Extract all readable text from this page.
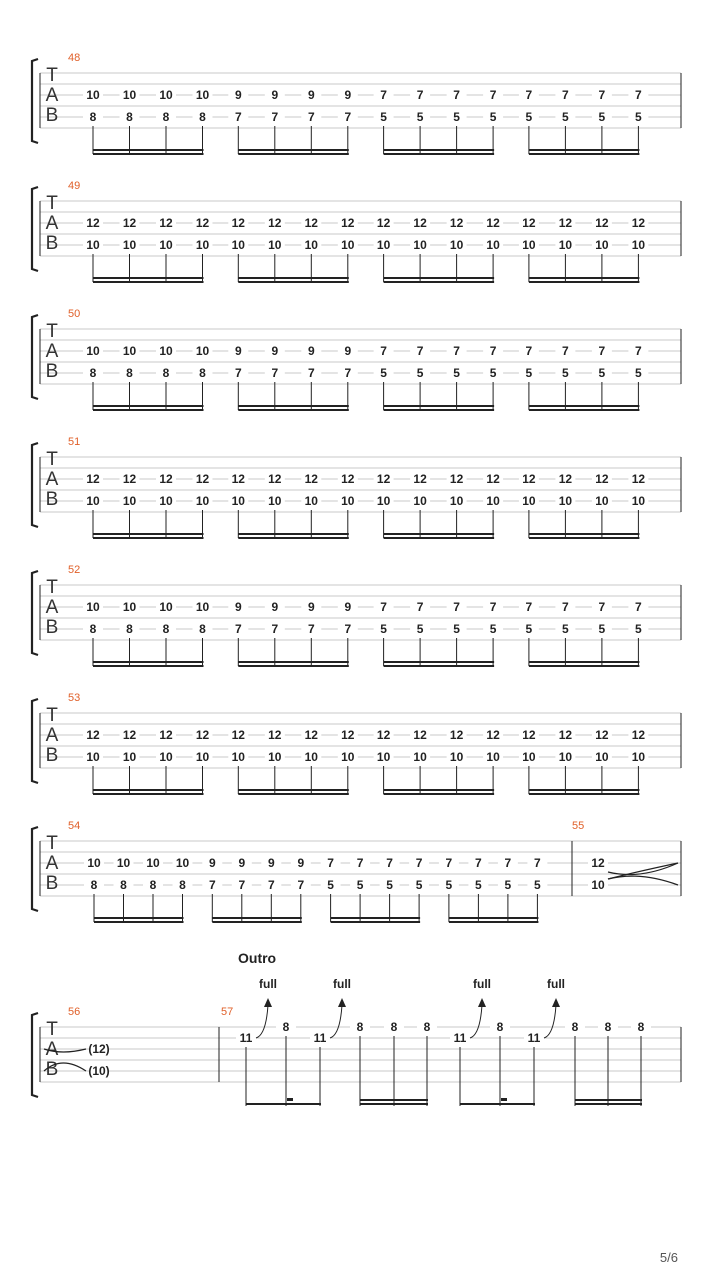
T
A
B
48
10 10 10 10 9 9 9 9 7 7 7 7 7 7 7 7
8 8 8 8 7 7 7 7 5 5 5 5 5 5 5 5
T
A
B
49
12 12 12 12 12 12 12 12 12 12 12 12 12 12 12 12
10 10 10 10 10 10 10 10 10 10 10 10 10 10 10 10
T
A
B
50
10 10 10 10 9 9 9 9 7 7 7 7 7 7 7 7
8 8 8 8 7 7 7 7 5 5 5 5 5 5 5 5
T
A
B
51
12 12 12 12 12 12 12 12 12 12 12 12 12 12 12 12
10 10 10 10 10 10 10 10 10 10 10 10 10 10 10 10
T
A
B
52
10 10 10 10 9 9 9 9 7 7 7 7 7 7 7 7
8 8 8 8 7 7 7 7 5 5 5 5 5 5 5 5
T
A
B
53
12 12 12 12 12 12 12 12 12 12 12 12 12 12 12 12
10 10 10 10 10 10 10 10 10 10 10 10 10 10 10 10
T
A
B
54
10 10 10 10 9 9 9 9 7 7 7 7 7 7 7 7
8 8 8 8 7 7 7 7 5 5 5 5 5 5 5 5
55
12
10
T
A
B
Outro
56
(12)
(10)
57
11
full
8
11
full
8 8 8
11
full
8
11
full
8 8 8
5/6
